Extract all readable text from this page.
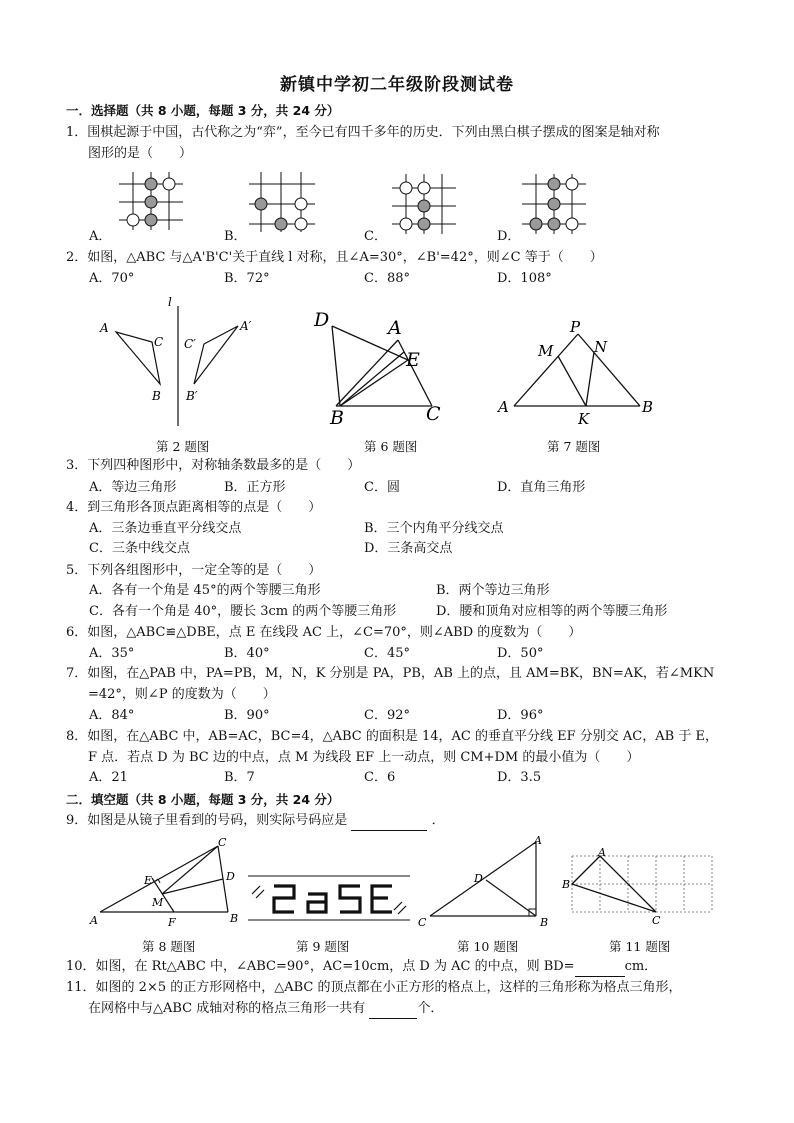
新镇中学初二年级阶段测试卷
一．选择题（共 8 小题，每题 3 分，共 24 分）
1．围棋起源于中国，古代称之为“弈”，至今已有四千多年的历史．下列由黑白棋子摆成的图案是轴对称
图形的是（　　）
A．	B．	C．	D．
2．如图，△ABC 与△A'B'C'关于直线 l 对称，且∠A=30°，∠B'=42°，则∠C 等于（　　）
A．70°	B．72°	C．88°	D．108°
l
A
C
B
A′
C′
B′
第 2 题图
D	A
E
B	C
第 6 题图
P
M	N
A
K
B
第 7 题图
3．下列四种图形中，对称轴条数最多的是（　　）
A．等边三角形	B．正方形	C．圆	D．直角三角形
4．到三角形各顶点距离相等的点是（　　）
A．三条边垂直平分线交点	B．三个内角平分线交点
C．三条中线交点	D．三条高交点
5．下列各组图形中，一定全等的是（　　）
A．各有一个角是 45°的两个等腰三角形	B．两个等边三角形
C．各有一个角是 40°，腰长 3cm 的两个等腰三角形	D．腰和顶角对应相等的两个等腰三角形
6．如图，△ABC≌△DBE，点 E 在线段 AC 上，∠C=70°，则∠ABD 的度数为（　　）
A．35°	B．40°	C．45°	D．50°
7．如图，在△PAB 中，PA=PB，M，N，K 分别是 PA，PB，AB 上的点，且 AM=BK，BN=AK，若∠MKN
=42°，则∠P 的度数为（　　）
A．84°	B．90°	C．92°	D．96°
8．如图，在△ABC 中，AB=AC，BC=4，△ABC 的面积是 14，AC 的垂直平分线 EF 分别交 AC，AB 于 E，
F 点．若点 D 为 BC 边的中点，点 M 为线段 EF 上一动点，则 CM+DM 的最小值为（　　）
A．21	B．7	C．6	D．3.5
二．填空题（共 8 小题，每题 3 分，共 24 分）
9．如图是从镜子里看到的号码，则实际号码应是	．
C
E	D
M
A	F	B
第 8 题图	第 9 题图
A
D
C	B
第 10 题图
A
B
C
第 11 题图
10．如图，在 Rt△ABC 中，∠ABC=90°，AC=10cm，点 D 为 AC 的中点，则 BD=	cm．
11．如图的 2×5 的正方形网格中，△ABC 的顶点都在小正方形的格点上，这样的三角形称为格点三角形，
在网格中与△ABC 成轴对称的格点三角形一共有	个．
